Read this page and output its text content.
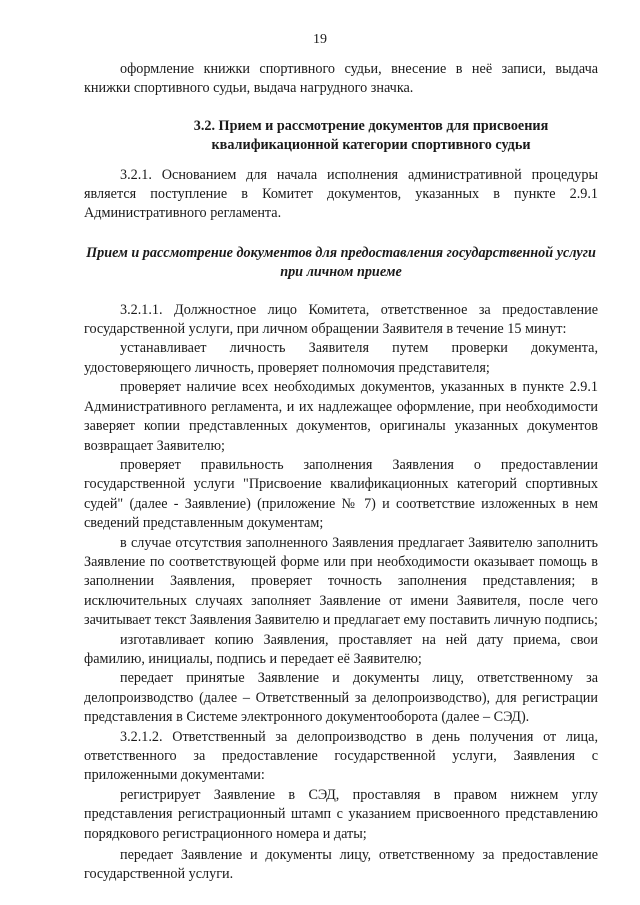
19

оформление книжки спортивного судьи, внесение в неё записи, выдача книжки спортивного судьи, выдача нагрудного значка.

3.2. Прием и рассмотрение документов для присвоения квалификационной категории спортивного судьи

3.2.1. Основанием для начала исполнения административной процедуры является поступление в Комитет документов, указанных в пункте 2.9.1 Административного регламента.

Прием и рассмотрение документов для предоставления государственной услуги при личном приеме

3.2.1.1. Должностное лицо Комитета, ответственное за предоставление государственной услуги, при личном обращении Заявителя в течение 15 минут:

устанавливает личность Заявителя путем проверки документа, удостоверяющего личность, проверяет полномочия представителя;

проверяет наличие всех необходимых документов, указанных в пункте 2.9.1 Административного регламента, и их надлежащее оформление, при необходимости заверяет копии представленных документов, оригиналы указанных документов возвращает Заявителю;

проверяет правильность заполнения Заявления о предоставлении государственной услуги "Присвоение квалификационных категорий спортивных судей" (далее - Заявление) (приложение № 7) и соответствие изложенных в нем сведений представленным документам;

в случае отсутствия заполненного Заявления предлагает Заявителю заполнить Заявление по соответствующей форме или при необходимости оказывает помощь в заполнении Заявления, проверяет точность заполнения представления; в исключительных случаях заполняет Заявление от имени Заявителя, после чего зачитывает текст Заявления Заявителю и предлагает ему поставить личную подпись;

изготавливает копию Заявления, проставляет на ней дату приема, свои фамилию, инициалы, подпись и передает её Заявителю;

передает принятые Заявление и документы лицу, ответственному за делопроизводство (далее – Ответственный за делопроизводство), для регистрации представления в Системе электронного документооборота (далее – СЭД).

3.2.1.2. Ответственный за делопроизводство в день получения от лица, ответственного за предоставление государственной услуги, Заявления с приложенными документами:

регистрирует Заявление в СЭД, проставляя в правом нижнем углу представления регистрационный штамп с указанием присвоенного представлению порядкового регистрационного номера и даты;

передает Заявление и документы лицу, ответственному за предоставление государственной услуги.
